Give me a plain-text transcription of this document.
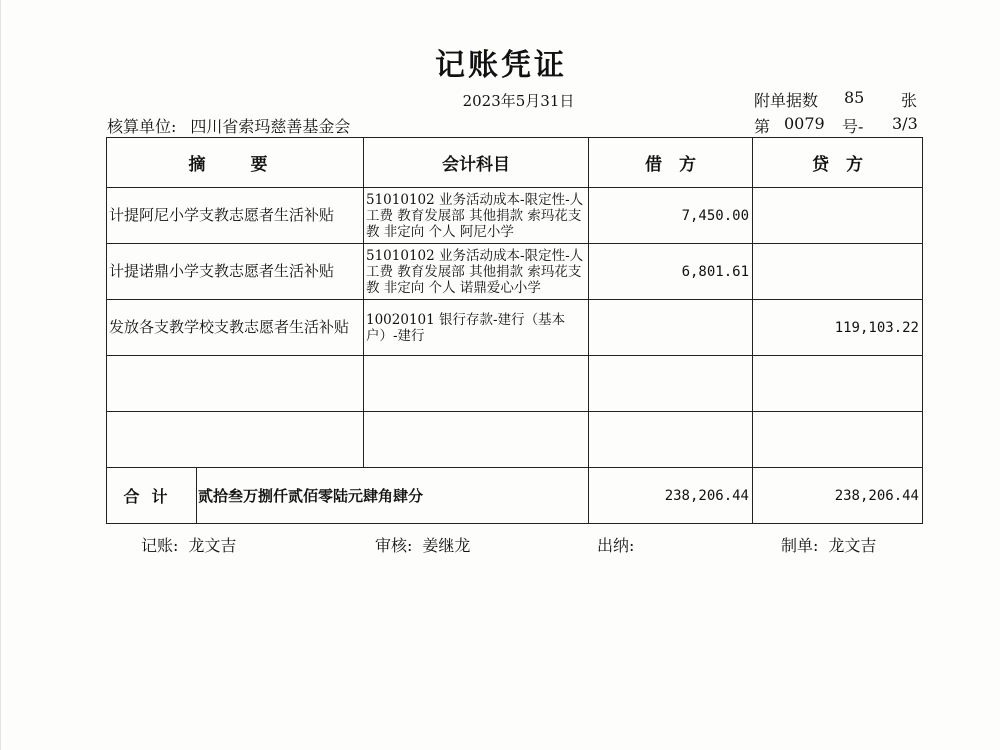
记账凭证
2023年5月31日
核算单位: 四川省索玛慈善基金会
附单据数 85 张
第 0079 号- 3/3
摘　要		会计科目	借　方	贷　方
计提阿尼小学支教志愿者生活补贴		51010102 业务活动成本-限定性-人工费 教育发展部 其他捐款 索玛花支教 非定向 个人 阿尼小学	7,450.00	
计提诺鼎小学支教志愿者生活补贴		51010102 业务活动成本-限定性-人工费 教育发展部 其他捐款 索玛花支教 非定向 个人 诺鼎爱心小学	6,801.61	
发放各支教学校支教志愿者生活补贴		10020101 银行存款-建行（基本户）-建行		119,103.22

合计	贰拾叁万捌仟贰佰零陆元肆角肆分		238,206.44	238,206.44
记账: 龙文吉	审核: 姜继龙	出纳:	制单: 龙文吉
